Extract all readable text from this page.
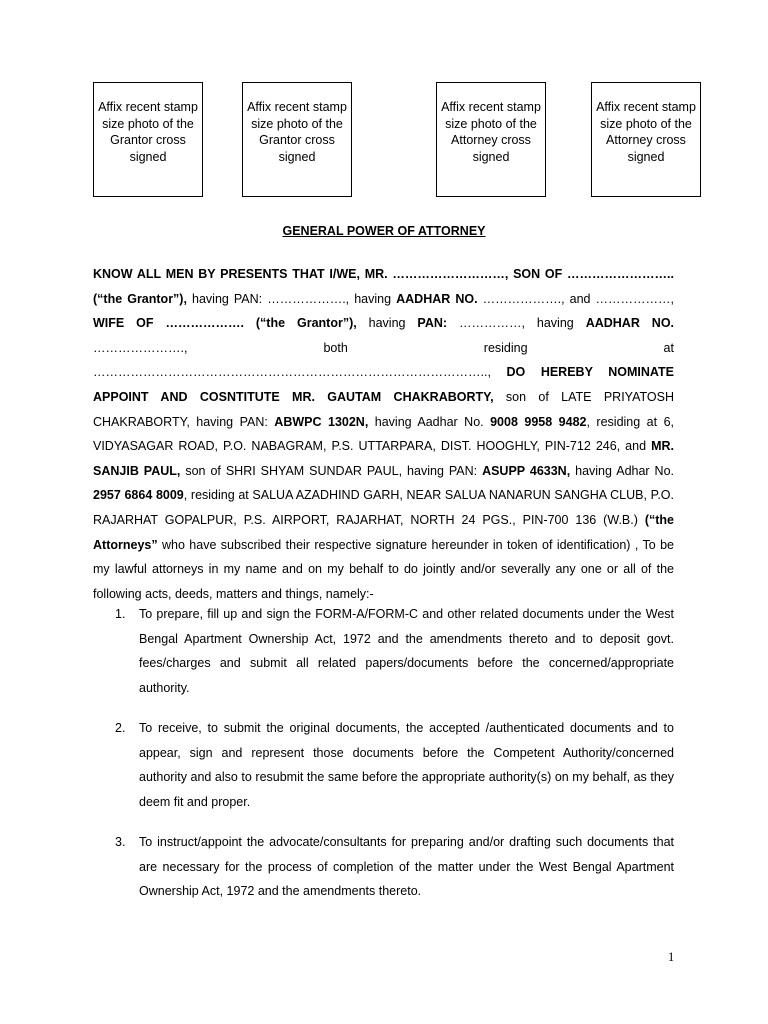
Affix recent stamp size photo of the Grantor cross signed
Affix recent stamp size photo of the Grantor cross signed
Affix recent stamp size photo of the Attorney cross signed
Affix recent stamp size photo of the Attorney cross signed
GENERAL POWER OF ATTORNEY
KNOW ALL MEN BY PRESENTS THAT I/WE, MR. ………………………, SON OF …………………….. (“the Grantor”), having PAN: ………………., having AADHAR NO. ………………., and ………………, WIFE OF ………………. (“the Grantor”), having PAN: ……………, having AADHAR NO. …………………., both residing at ………………………………………………………………………………….., DO HEREBY NOMINATE APPOINT AND COSNTITUTE MR. GAUTAM CHAKRABORTY, son of LATE PRIYATOSH CHAKRABORTY, having PAN: ABWPC 1302N, having Aadhar No. 9008 9958 9482, residing at 6, VIDYASAGAR ROAD, P.O. NABAGRAM, P.S. UTTARPARA, DIST. HOOGHLY, PIN-712 246, and MR. SANJIB PAUL, son of SHRI SHYAM SUNDAR PAUL, having PAN: ASUPP 4633N, having Adhar No. 2957 6864 8009, residing at SALUA AZADHIND GARH, NEAR SALUA NANARUN SANGHA CLUB, P.O. RAJARHAT GOPALPUR, P.S. AIRPORT, RAJARHAT, NORTH 24 PGS., PIN-700 136 (W.B.) (“the Attorneys” who have subscribed their respective signature hereunder in token of identification) , To be my lawful attorneys in my name and on my behalf to do jointly and/or severally any one or all of the following acts, deeds, matters and things, namely:-
1. To prepare, fill up and sign the FORM-A/FORM-C and other related documents under the West Bengal Apartment Ownership Act, 1972 and the amendments thereto and to deposit govt. fees/charges and submit all related papers/documents before the concerned/appropriate authority.
2. To receive, to submit the original documents, the accepted /authenticated documents and to appear, sign and represent those documents before the Competent Authority/concerned authority and also to resubmit the same before the appropriate authority(s) on my behalf, as they deem fit and proper.
3. To instruct/appoint the advocate/consultants for preparing and/or drafting such documents that are necessary for the process of completion of the matter under the West Bengal Apartment Ownership Act, 1972 and the amendments thereto.
1
